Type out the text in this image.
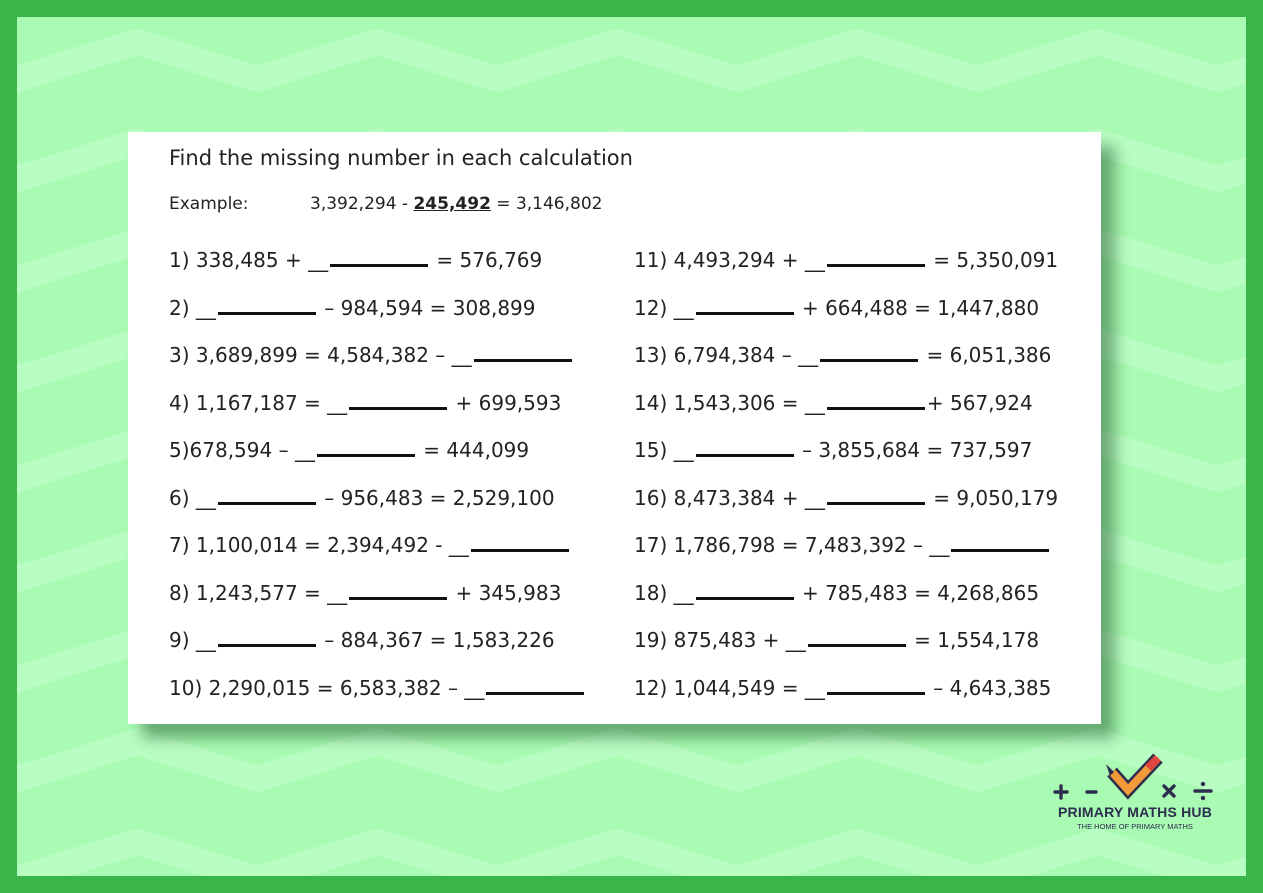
Find the missing number in each calculation
Example:	3,392,294 - 245,492 = 3,146,802
1) 338,485 + __	= 576,769
2) __	– 984,594 = 308,899
3) 3,689,899 = 4,584,382 – __
4) 1,167,187 = __	+ 699,593
5)678,594 – __	= 444,099
6) __	– 956,483 = 2,529,100
7) 1,100,014 = 2,394,492 - __
8) 1,243,577 = __	+ 345,983
9) __	– 884,367 = 1,583,226
10) 2,290,015 = 6,583,382 – __
11) 4,493,294 + __	= 5,350,091
12) __	+ 664,488 = 1,447,880
13) 6,794,384 – __	= 6,051,386
14) 1,543,306 = __	+ 567,924
15) __	– 3,855,684 = 737,597
16) 8,473,384 + __	= 9,050,179
17) 1,786,798 = 7,483,392 – __
18) __	+ 785,483 = 4,268,865
19) 875,483 + __	= 1,554,178
12) 1,044,549 = __	– 4,643,385
PRIMARY MATHS HUB
THE HOME OF PRIMARY MATHS
